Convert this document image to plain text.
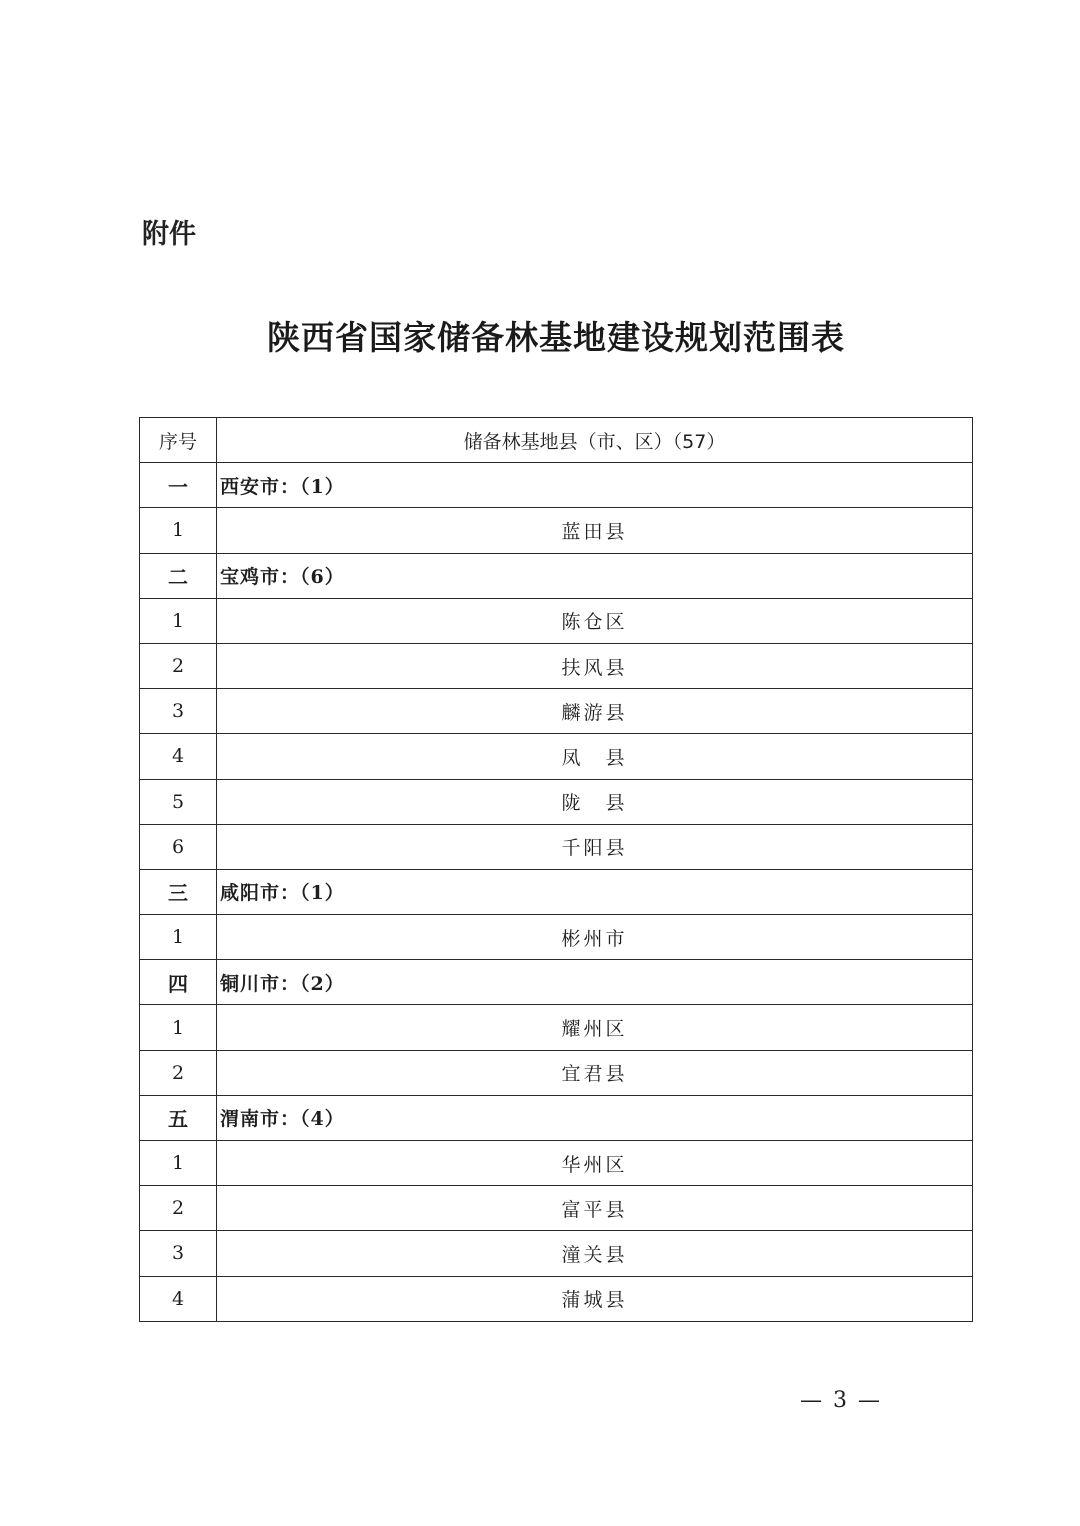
附件
陕西省国家储备林基地建设规划范围表
序号	储备林基地县（市、区）（57）
一	西安市：（1）
1	蓝田县
二	宝鸡市：（6）
1	陈仓区
2	扶风县
3	麟游县
4	凤　县
5	陇　县
6	千阳县
三	咸阳市：（1）
1	彬州市
四	铜川市：（2）
1	耀州区
2	宜君县
五	渭南市：（4）
1	华州区
2	富平县
3	潼关县
4	蒲城县
— 3 —
